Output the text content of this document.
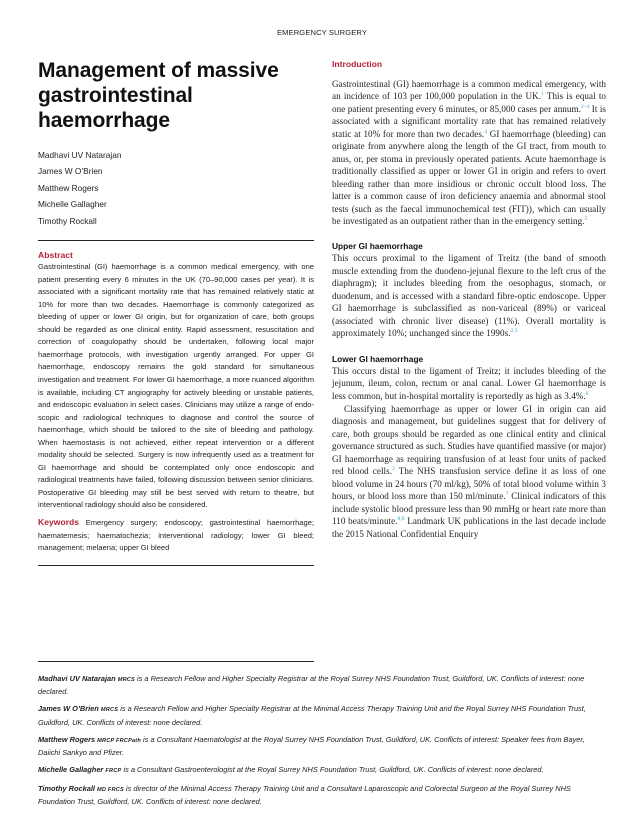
EMERGENCY SURGERY
Management of massive gastrointestinal haemorrhage
Madhavi UV Natarajan
James W O’Brien
Matthew Rogers
Michelle Gallagher
Timothy Rockall
Abstract

Gastrointestinal (GI) haemorrhage is a common medical emergency, with one patient presenting every 6 minutes in the UK (70–90,000 cases per year). It is associated with a significant mortality rate that has remained relatively static at 10% for more than two decades. Haemorrhage is commonly categorized as bleeding of upper or lower GI origin, but for organization of care, both groups should be regarded as one clinical entity. Rapid assessment, resuscitation and correction of coagulopathy should be undertaken, following local major haemorrhage protocols, with investigation urgently arranged. For upper GI haemorrhage, endoscopy remains the gold standard for simultaneous investigation and treatment. For lower GI haemorrhage, a more nuanced algorithm is available, including CT angiography for actively bleeding or unstable patients, and endoscopic evaluation in select cases. Clinicians may utilize a range of endoscopic and radiological techniques to diagnose and control the source of haemorrhage, which should be tailored to the site of bleeding and pathology. When haemostasis is not achieved, either repeat intervention or a different modality should be selected. Surgery is now infrequently used as a treatment for GI haemorrhage and should be contemplated only once endoscopic and radiological treatments have failed, following discussion between senior clinicians. Postoperative GI bleeding may still be best served with return to theatre, but interventional radiology should also be considered.

Keywords Emergency surgery; endoscopy; gastrointestinal haemorrhage; haematemesis; haematochezia; interventional radiology; lower GI bleed; management; melaena; upper GI bleed

Introduction

Gastrointestinal (GI) haemorrhage is a common medical emergency, with an incidence of 103 per 100,000 population in the UK.$^1$ This is equal to one patient presenting every 6 minutes, or 85,000 cases per annum.$^{2-4}$ It is associated with a significant mortality rate that has remained relatively static at 10% for more than two decades.$^4$ GI haemorrhage (bleeding) can originate from anywhere along the length of the GI tract, from mouth to anus, or, per stoma in previously operated patients. Acute haemorrhage is traditionally classified as upper or lower GI in origin and refers to overt bleeding rather than more insidious or chronic occult blood loss. The latter is a common cause of iron deficiency anaemia and abnormal stool tests (such as the faecal immunochemical test (FIT)), which can usually be investigated as an outpatient rather than in the emergency setting.$^5$

Upper GI haemorrhage

This occurs proximal to the ligament of Treitz (the band of smooth muscle extending from the duodeno-jejunal flexure to the left crus of the diaphragm); it includes bleeding from the oesophagus, stomach, or duodenum, and is accessed with a standard fibre-optic endoscope. Upper GI haemorrhage is subclassified as non-variceal (89%) or variceal (associated with chronic liver disease) (11%). Overall mortality is approximately 10%; unchanged since the 1990s.$^{2,3}$

Lower GI haemorrhage

This occurs distal to the ligament of Treitz; it includes bleeding of the jejunum, ileum, colon, rectum or anal canal. Lower GI haemorrhage is less common, but in-hospital mortality is reportedly as high as 3.4%.$^6$

Classifying haemorrhage as upper or lower GI in origin can aid diagnosis and management, but guidelines suggest that for delivery of care, both groups should be regarded as one clinical entity and clinical governance structured as such. Studies have quantified massive (or major) GI haemorrhage as requiring transfusion of at least four units of packed red blood cells.$^2$ The NHS transfusion service define it as loss of one blood volume in 24 hours (70 ml/kg), 50% of total blood volume within 3 hours, or blood loss more than 150 ml/minute.$^7$ Clinical indicators of this include systolic blood pressure less than 90 mmHg or heart rate more than 110 beats/minute.$^{8,9}$ Landmark UK publications in the last decade include the 2015 National Confidential Enquiry

Madhavi UV Natarajan MRCS is a Research Fellow and Higher Specialty Registrar at the Royal Surrey NHS Foundation Trust, Guildford, UK. Conflicts of interest: none declared.

James W O’Brien MRCS is a Research Fellow and Higher Specialty Registrar at the Minimal Access Therapy Training Unit and the Royal Surrey NHS Foundation Trust, Guildford, UK. Conflicts of interest: none declared.

Matthew Rogers MRCP FRCPath is a Consultant Haematologist at the Royal Surrey NHS Foundation Trust, Guildford, UK. Conflicts of interest: Speaker fees from Bayer, Daiichi Sankyo and Pfizer.

Michelle Gallagher FRCP is a Consultant Gastroenterologist at the Royal Surrey NHS Foundation Trust, Guildford, UK. Conflicts of interest: none declared.

Timothy Rockall MD FRCS is director of the Minimal Access Therapy Training Unit and a Consultant Laparoscopic and Colorectal Surgeon at the Royal Surrey NHS Foundation Trust, Guildford, UK. Conflicts of interest: none declared.
